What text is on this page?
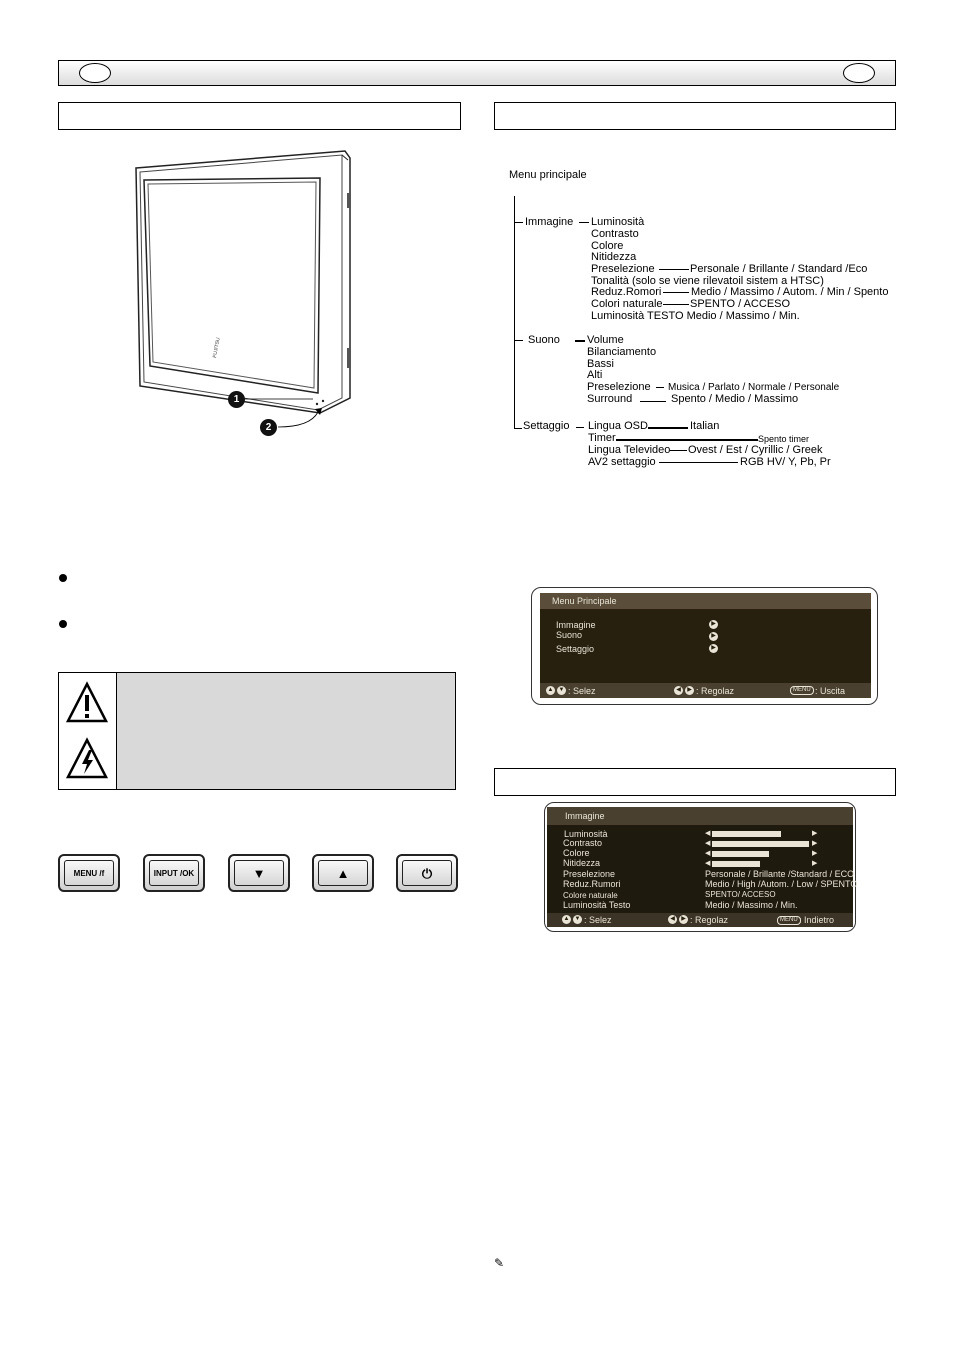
FUJITSU
1
2
MENU /f	INPUT /OK	▼	▲	⏻
Menu principale
Immagine Luminosità
Contrasto
Colore
Nitidezza
Preselezione	Personale / Brillante / Standard /Eco
Tonalità (solo se viene rilevatoil sistem a HTSC)
Reduz.Romori	Medio / Massimo / Autom. / Min / Spento
Colori naturale SPENTO / ACCESO
Luminosità TESTO Medio / Massimo / Min.
Suono Volume
Bilanciamento
Bassi
Alti
Preselezione Musica / Parlato / Normale / Personale
Surround	Spento / Medio / Massimo
Settaggio Lingua OSD	Italian
Timer	Spento timer
Lingua Televideo Ovest / Est / Cyrillic / Greek
AV2 settaggio	RGB HV/ Y, Pb, Pr
Menu Principale
Immagine
Suono
Settaggio
▶
▶
▶
▲ ▼ : Selez	◀	▶ : Regolaz	MENU : Uscita
Immagine
Luminosità
Contrasto
Colore
Nitidezza
◀
◀
◀
◀
▶
▶
▶
▶
Preselezione	Personale / Brillante /Standard / ECO
Reduz.Rumori	Medio / High /Autom. / Low / SPENTO
Colore naturale	SPENTO/ ACCESO
Luminosità Testo	Medio / Massimo / Min.
▲ ▼ : Selez	◀	▶ : Regolaz	MENU : Indietro
✎
